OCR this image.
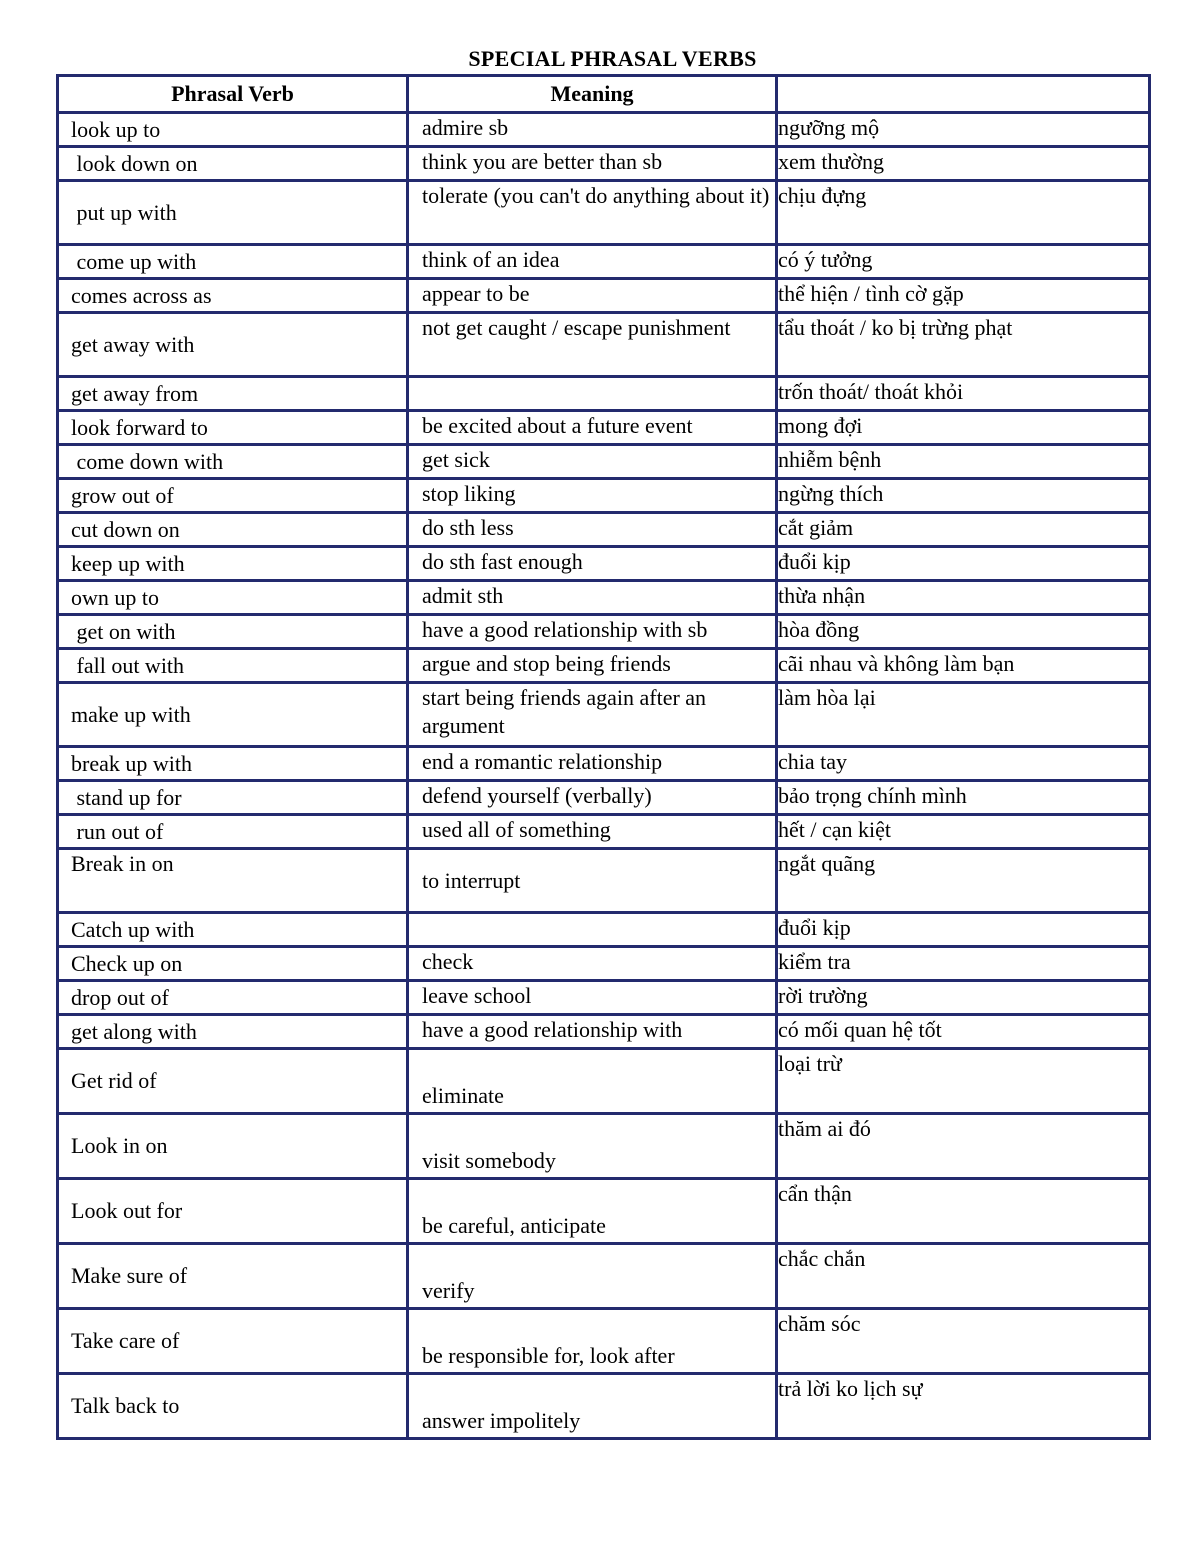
SPECIAL PHRASAL VERBS
Phrasal Verb	Meaning	
look up to	admire sb	ngưỡng mộ
look down on	think you are better than sb	xem thường
put up with	tolerate (you can't do anything about it)	chịu đựng
come up with	think of an idea	có ý tưởng
comes across as	appear to be	thể hiện / tình cờ gặp
get away with	not get caught / escape punishment	tẩu thoát / ko bị trừng phạt
get away from		trốn thoát/ thoát khỏi
look forward to	be excited about a future event	mong đợi
come down with	get sick	nhiễm bệnh
grow out of	stop liking	ngừng thích
cut down on	do sth less	cắt giảm
keep up with	do sth fast enough	đuổi kịp
own up to	admit sth	thừa nhận
get on with	have a good relationship with sb	hòa đồng
fall out with	argue and stop being friends	cãi nhau và không làm bạn
make up with	start being friends again after an argument	làm hòa lại
break up with	end a romantic relationship	chia tay
stand up for	defend yourself (verbally)	bảo trọng chính mình
run out of	used all of something	hết / cạn kiệt
Break in on	to interrupt	ngắt quãng
Catch up with		đuổi kịp
Check up on	check	kiểm tra
drop out of	leave school	rời trường
get along with	have a good relationship with	có mối quan hệ tốt
Get rid of	eliminate	loại trừ
Look in on	visit somebody	thăm ai đó
Look out for	be careful, anticipate	cẩn thận
Make sure of	verify	chắc chắn
Take care of	be responsible for, look after	chăm sóc
Talk back to	answer impolitely	trả lời ko lịch sự
